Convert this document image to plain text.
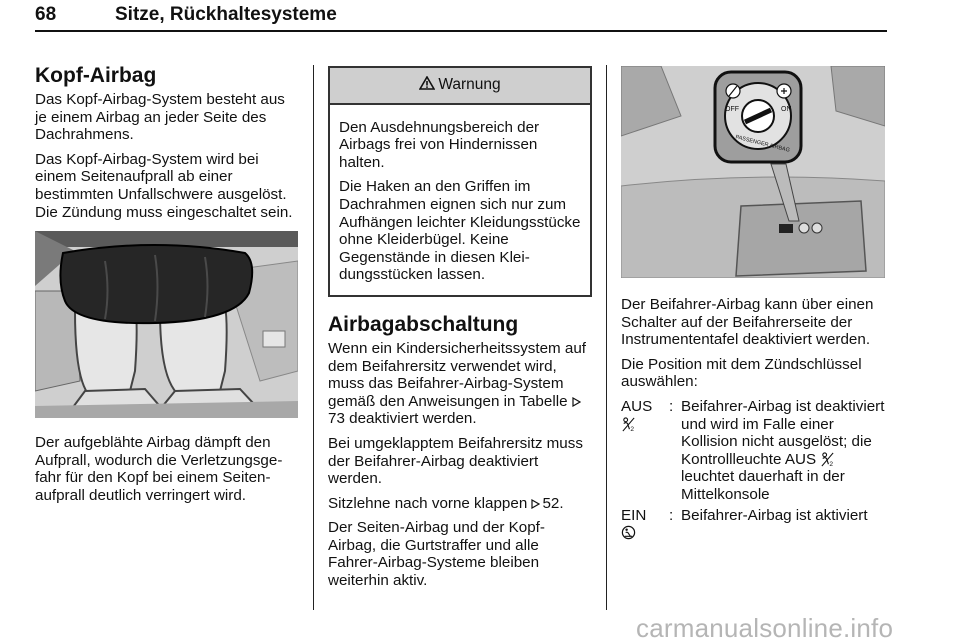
68	Sitze, Rückhaltesysteme
Kopf-Airbag

Das Kopf-Airbag-System besteht aus je einem Airbag an jeder Seite des Dachrahmens.

Das Kopf-Airbag-System wird bei einem Seitenaufprall ab einer bestimmten Unfallschwere ausgelöst. Die Zündung muss eingeschaltet sein.

Der aufgeblähte Airbag dämpft den Aufprall, wodurch die Verletzungsgefahr für den Kopf bei einem Seitenaufprall deutlich verringert wird.

Warnung

Den Ausdehnungsbereich der Airbags frei von Hindernissen halten.

Die Haken an den Griffen im Dachrahmen eignen sich nur zum Aufhängen leichter Kleidungsstücke ohne Kleiderbügel. Keine Gegenstände in diesen Kleidungsstücken lassen.

Airbagabschaltung

Wenn ein Kindersicherheitssystem auf dem Beifahrersitz verwendet wird, muss das Beifahrer-Airbag-System gemäß den Anweisungen in Tabelle 73 deaktiviert werden.

Bei umgeklapptem Beifahrersitz muss der Beifahrer-Airbag deaktiviert werden.

Sitzlehne nach vorne klappen 52.

Der Seiten-Airbag und der Kopf-Airbag, die Gurtstraffer und alle Fahrer-Airbag-Systeme bleiben weiterhin aktiv.

OFF	ON
PASSENGER AIRBAG

Der Beifahrer-Airbag kann über einen Schalter auf der Beifahrerseite der Instrumententafel deaktiviert werden.

Die Position mit dem Zündschlüssel auswählen:

AUS
2
: Beifahrer-Airbag ist deaktiviert und wird im Falle einer Kollision nicht ausgelöst; die Kontrollleuchte AUS 2
leuchtet dauerhaft in der Mittelkonsole
EIN	: Beifahrer-Airbag ist aktiviert
carmanualsonline.info
